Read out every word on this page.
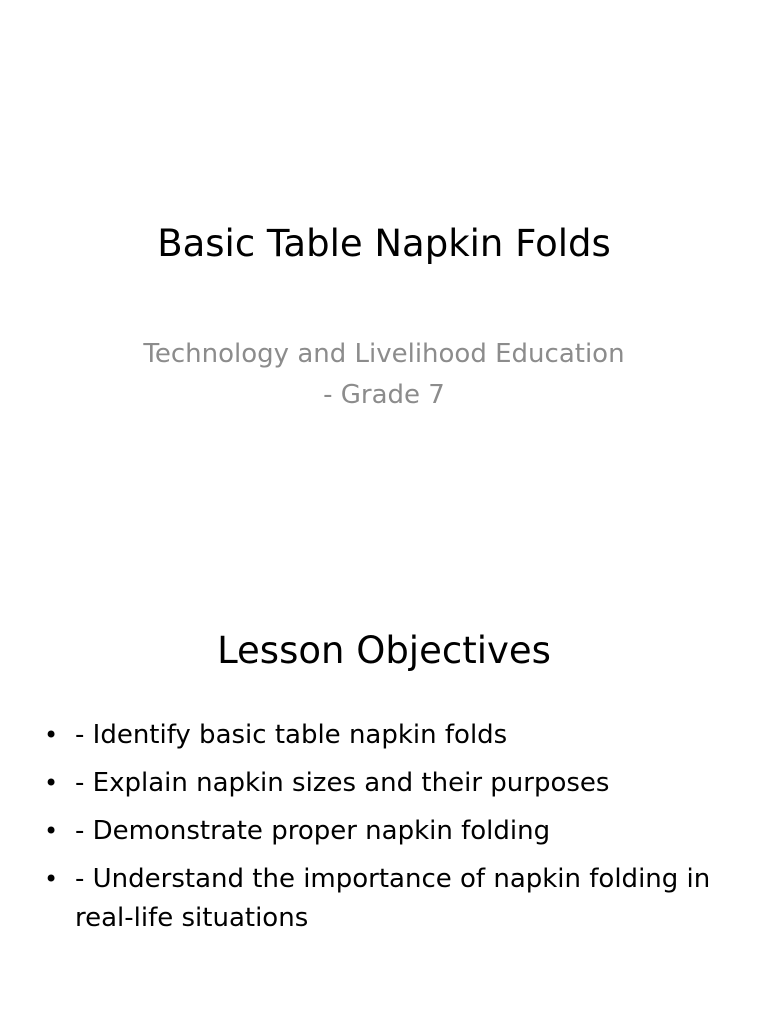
Basic Table Napkin Folds
Technology and Livelihood Education
- Grade 7
Lesson Objectives
• - Identify basic table napkin folds
• - Explain napkin sizes and their purposes
• - Demonstrate proper napkin folding
• - Understand the importance of napkin folding in real-life situations
